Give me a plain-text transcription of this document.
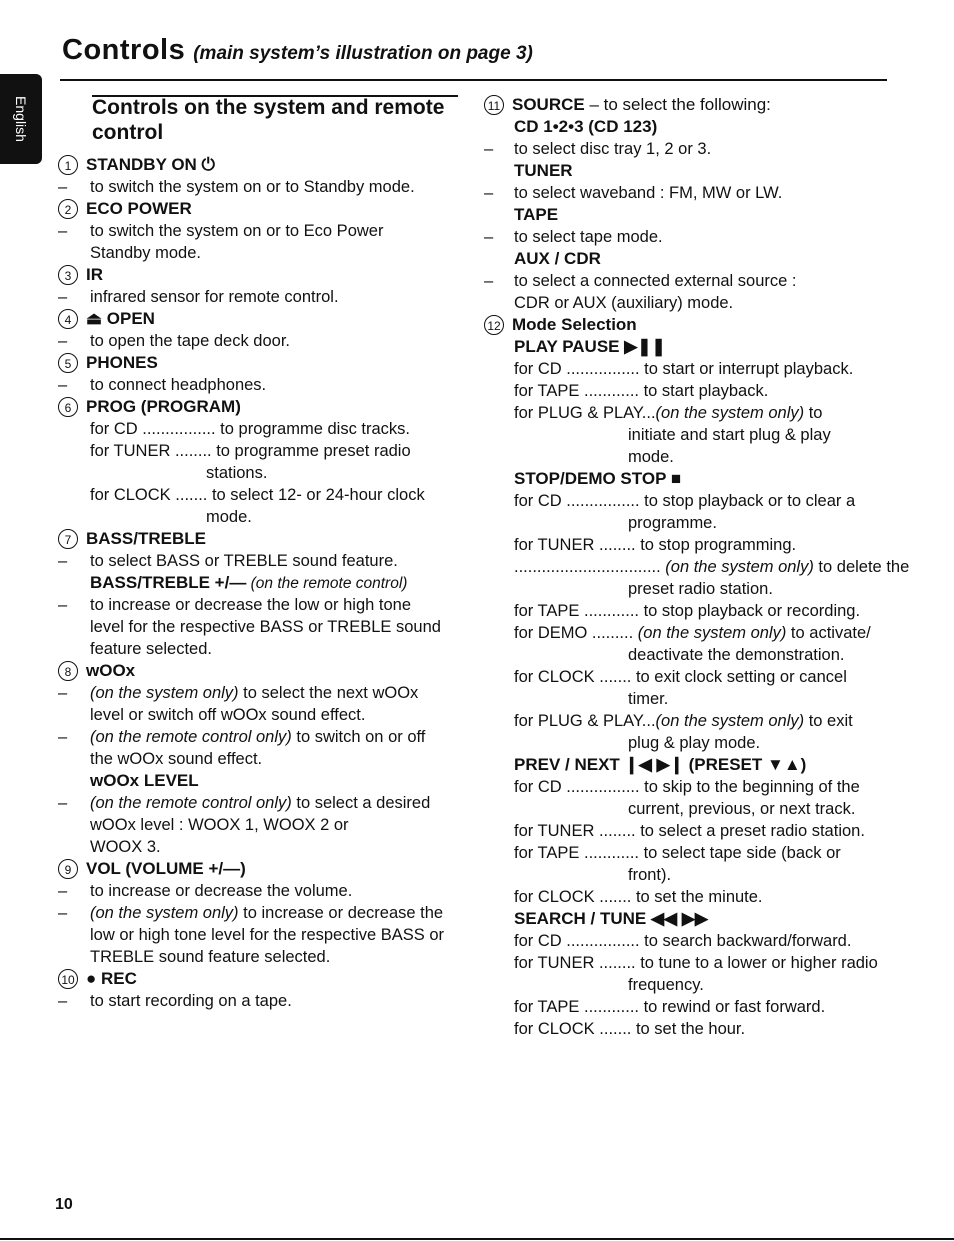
Controls (main system’s illustration on page 3)
English	Controls on the system and remote control
1 STANDBY ON ⏻
– to switch the system on or to Standby mode.
2 ECO POWER
– to switch the system on or to Eco Power
Standby mode.
3 IR
– infrared sensor for remote control.
4 ⏏ OPEN
– to open the tape deck door.
5 PHONES
– to connect headphones.
6 PROG (PROGRAM)
for CD ................ to programme disc tracks.
for TUNER ........ to programme preset radio
stations.
for CLOCK ....... to select 12- or 24-hour clock
mode.
7 BASS/TREBLE
– to select BASS or TREBLE sound feature.
BASS/TREBLE +/— (on the remote control)
– to increase or decrease the low or high tone
level for the respective BASS or TREBLE sound
feature selected.
8 wOOx
– (on the system only) to select the next wOOx
level or switch off wOOx sound effect.
– (on the remote control only) to switch on or off
the wOOx sound effect.
wOOx LEVEL
– (on the remote control only) to select a desired
wOOx level : WOOX 1, WOOX 2 or
WOOX 3.
9 VOL (VOLUME +/—)
– to increase or decrease the volume.
– (on the system only) to increase or decrease the
low or high tone level for the respective BASS or
TREBLE sound feature selected.
10 ● REC
– to start recording on a tape.
11 SOURCE – to select the following:
CD 1•2•3 (CD 123)
– to select disc tray 1, 2 or 3.
TUNER
– to select waveband : FM, MW or LW.
TAPE
– to select tape mode.
AUX / CDR
– to select a connected external source :
CDR or AUX (auxiliary) mode.
12 Mode Selection
PLAY PAUSE ▶❚❚
for CD ................ to start or interrupt playback.
for TAPE ............ to start playback.
for PLUG & PLAY...(on the system only) to
initiate and start plug & play
mode.
STOP/DEMO STOP ■
for CD ................ to stop playback or to clear a
programme.
for TUNER ........ to stop programming.
................................ (on the system only) to delete the
preset radio station.
for TAPE ............ to stop playback or recording.
for DEMO ......... (on the system only) to activate/
deactivate the demonstration.
for CLOCK ....... to exit clock setting or cancel
timer.
for PLUG & PLAY...(on the system only) to exit
plug & play mode.
PREV / NEXT ❙◀ ▶❙ (PRESET ▼▲)
for CD ................ to skip to the beginning of the
current, previous, or next track.
for TUNER ........ to select a preset radio station.
for TAPE ............ to select tape side (back or
front).
for CLOCK ....... to set the minute.
SEARCH / TUNE ◀◀ ▶▶
for CD ................ to search backward/forward.
for TUNER ........ to tune to a lower or higher radio
frequency.
for TAPE ............ to rewind or fast forward.
for CLOCK ....... to set the hour.
10
